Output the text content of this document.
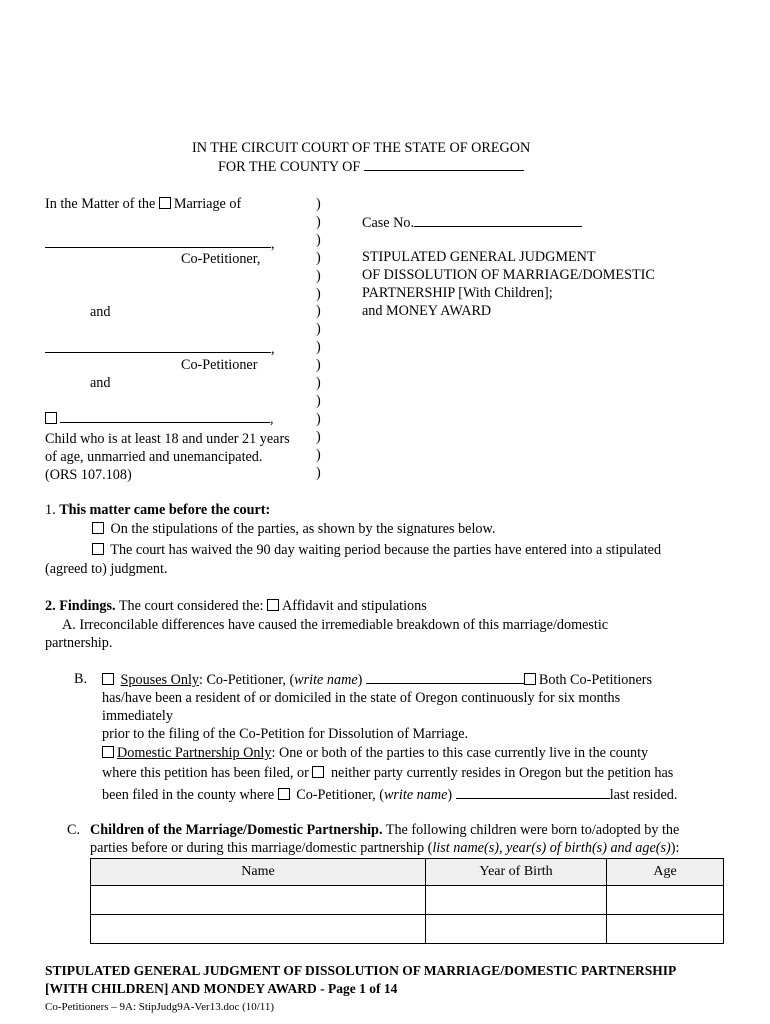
IN THE CIRCUIT COURT OF THE STATE OF OREGON
FOR THE COUNTY OF
In the Matter of the Marriage of
,
Co-Petitioner,
and
,
Co-Petitioner
and
,
Child who is at least 18 and under 21 years
of age, unmarried and unemancipated.
(ORS 107.108)
)
)
)
)
)
)
)
)
)
)
)
)
)
)
)
)
Case No.
STIPULATED GENERAL JUDGMENT
OF DISSOLUTION OF MARRIAGE/DOMESTIC
PARTNERSHIP [With Children];
and MONEY AWARD
1. This matter came before the court:
On the stipulations of the parties, as shown by the signatures below.
The court has waived the 90 day waiting period because the parties have entered into a stipulated
(agreed to) judgment.
2. Findings. The court considered the: Affidavit and stipulations
A. Irreconcilable differences have caused the irremediable breakdown of this marriage/domestic
partnership.
B.	Spouses Only: Co-Petitioner, (write name)	Both Co-Petitioners
has/have been a resident of or domiciled in the state of Oregon continuously for six months
immediately
prior to the filing of the Co-Petition for Dissolution of Marriage.
Domestic Partnership Only: One or both of the parties to this case currently live in the county
where this petition has been filed, or neither party currently resides in Oregon but the petition has
been filed in the county where Co-Petitioner, (write name)	last resided.
C. Children of the Marriage/Domestic Partnership. The following children were born to/adopted by the
parties before or during this marriage/domestic partnership (list name(s), year(s) of birth(s) and age(s)):
Name	Year of Birth	Age

STIPULATED GENERAL JUDGMENT OF DISSOLUTION OF MARRIAGE/DOMESTIC PARTNERSHIP
[WITH CHILDREN] AND MONDEY AWARD - Page 1 of 14
Co-Petitioners – 9A: StipJudg9A-Ver13.doc (10/11)
